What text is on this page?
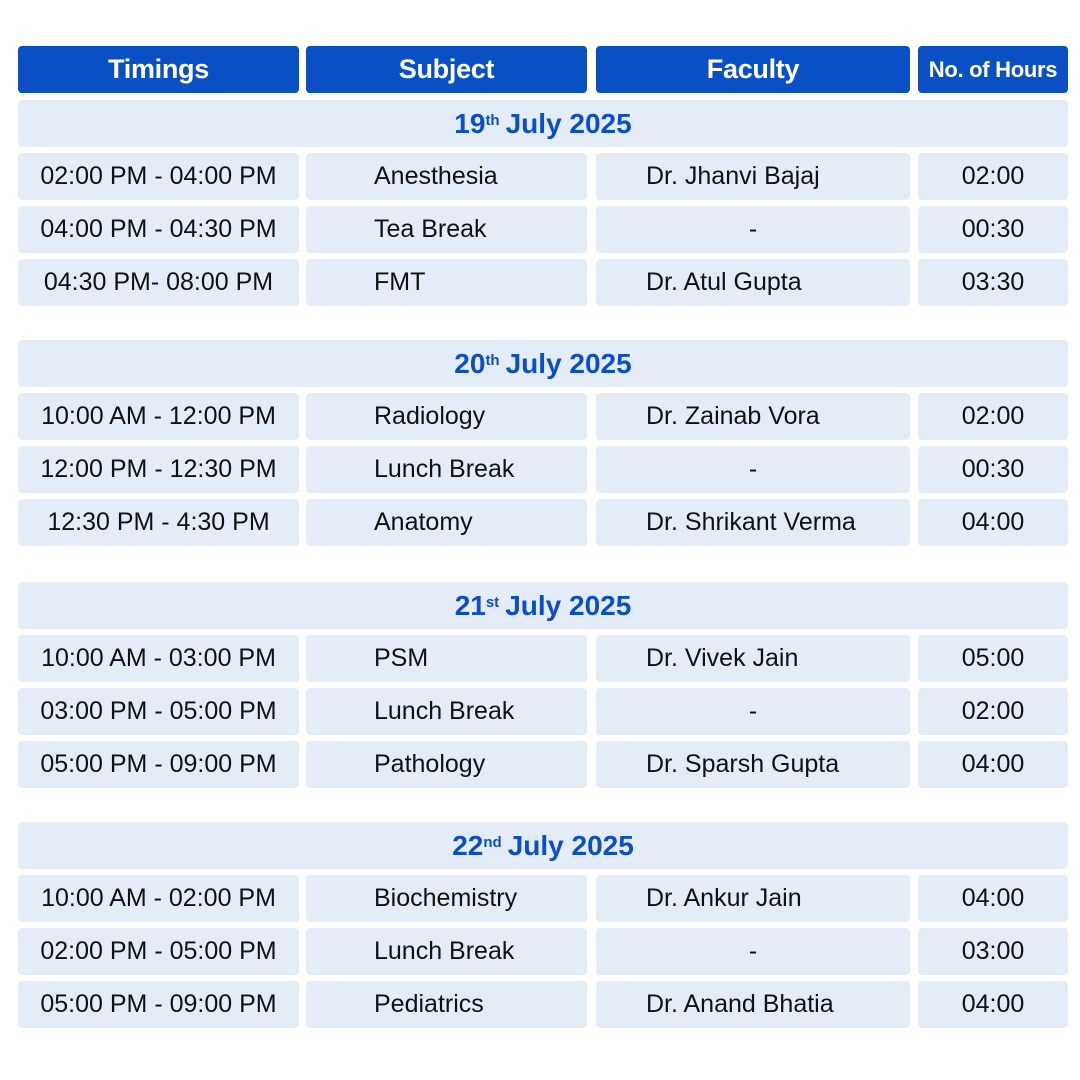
Timings	Subject	Faculty	No. of Hours
19th July 2025
02:00 PM - 04:00 PM	Anesthesia	Dr. Jhanvi Bajaj	02:00
04:00 PM - 04:30 PM	Tea Break	-	00:30
04:30 PM- 08:00 PM	FMT	Dr. Atul Gupta	03:30
20th July 2025
10:00 AM - 12:00 PM	Radiology	Dr. Zainab Vora	02:00
12:00 PM - 12:30 PM	Lunch Break	-	00:30
12:30 PM - 4:30 PM	Anatomy	Dr. Shrikant Verma	04:00
21st July 2025
10:00 AM - 03:00 PM	PSM	Dr. Vivek Jain	05:00
03:00 PM - 05:00 PM	Lunch Break	-	02:00
05:00 PM - 09:00 PM	Pathology	Dr. Sparsh Gupta	04:00
22nd July 2025
10:00 AM - 02:00 PM	Biochemistry	Dr. Ankur Jain	04:00
02:00 PM - 05:00 PM	Lunch Break	-	03:00
05:00 PM - 09:00 PM	Pediatrics	Dr. Anand Bhatia	04:00
